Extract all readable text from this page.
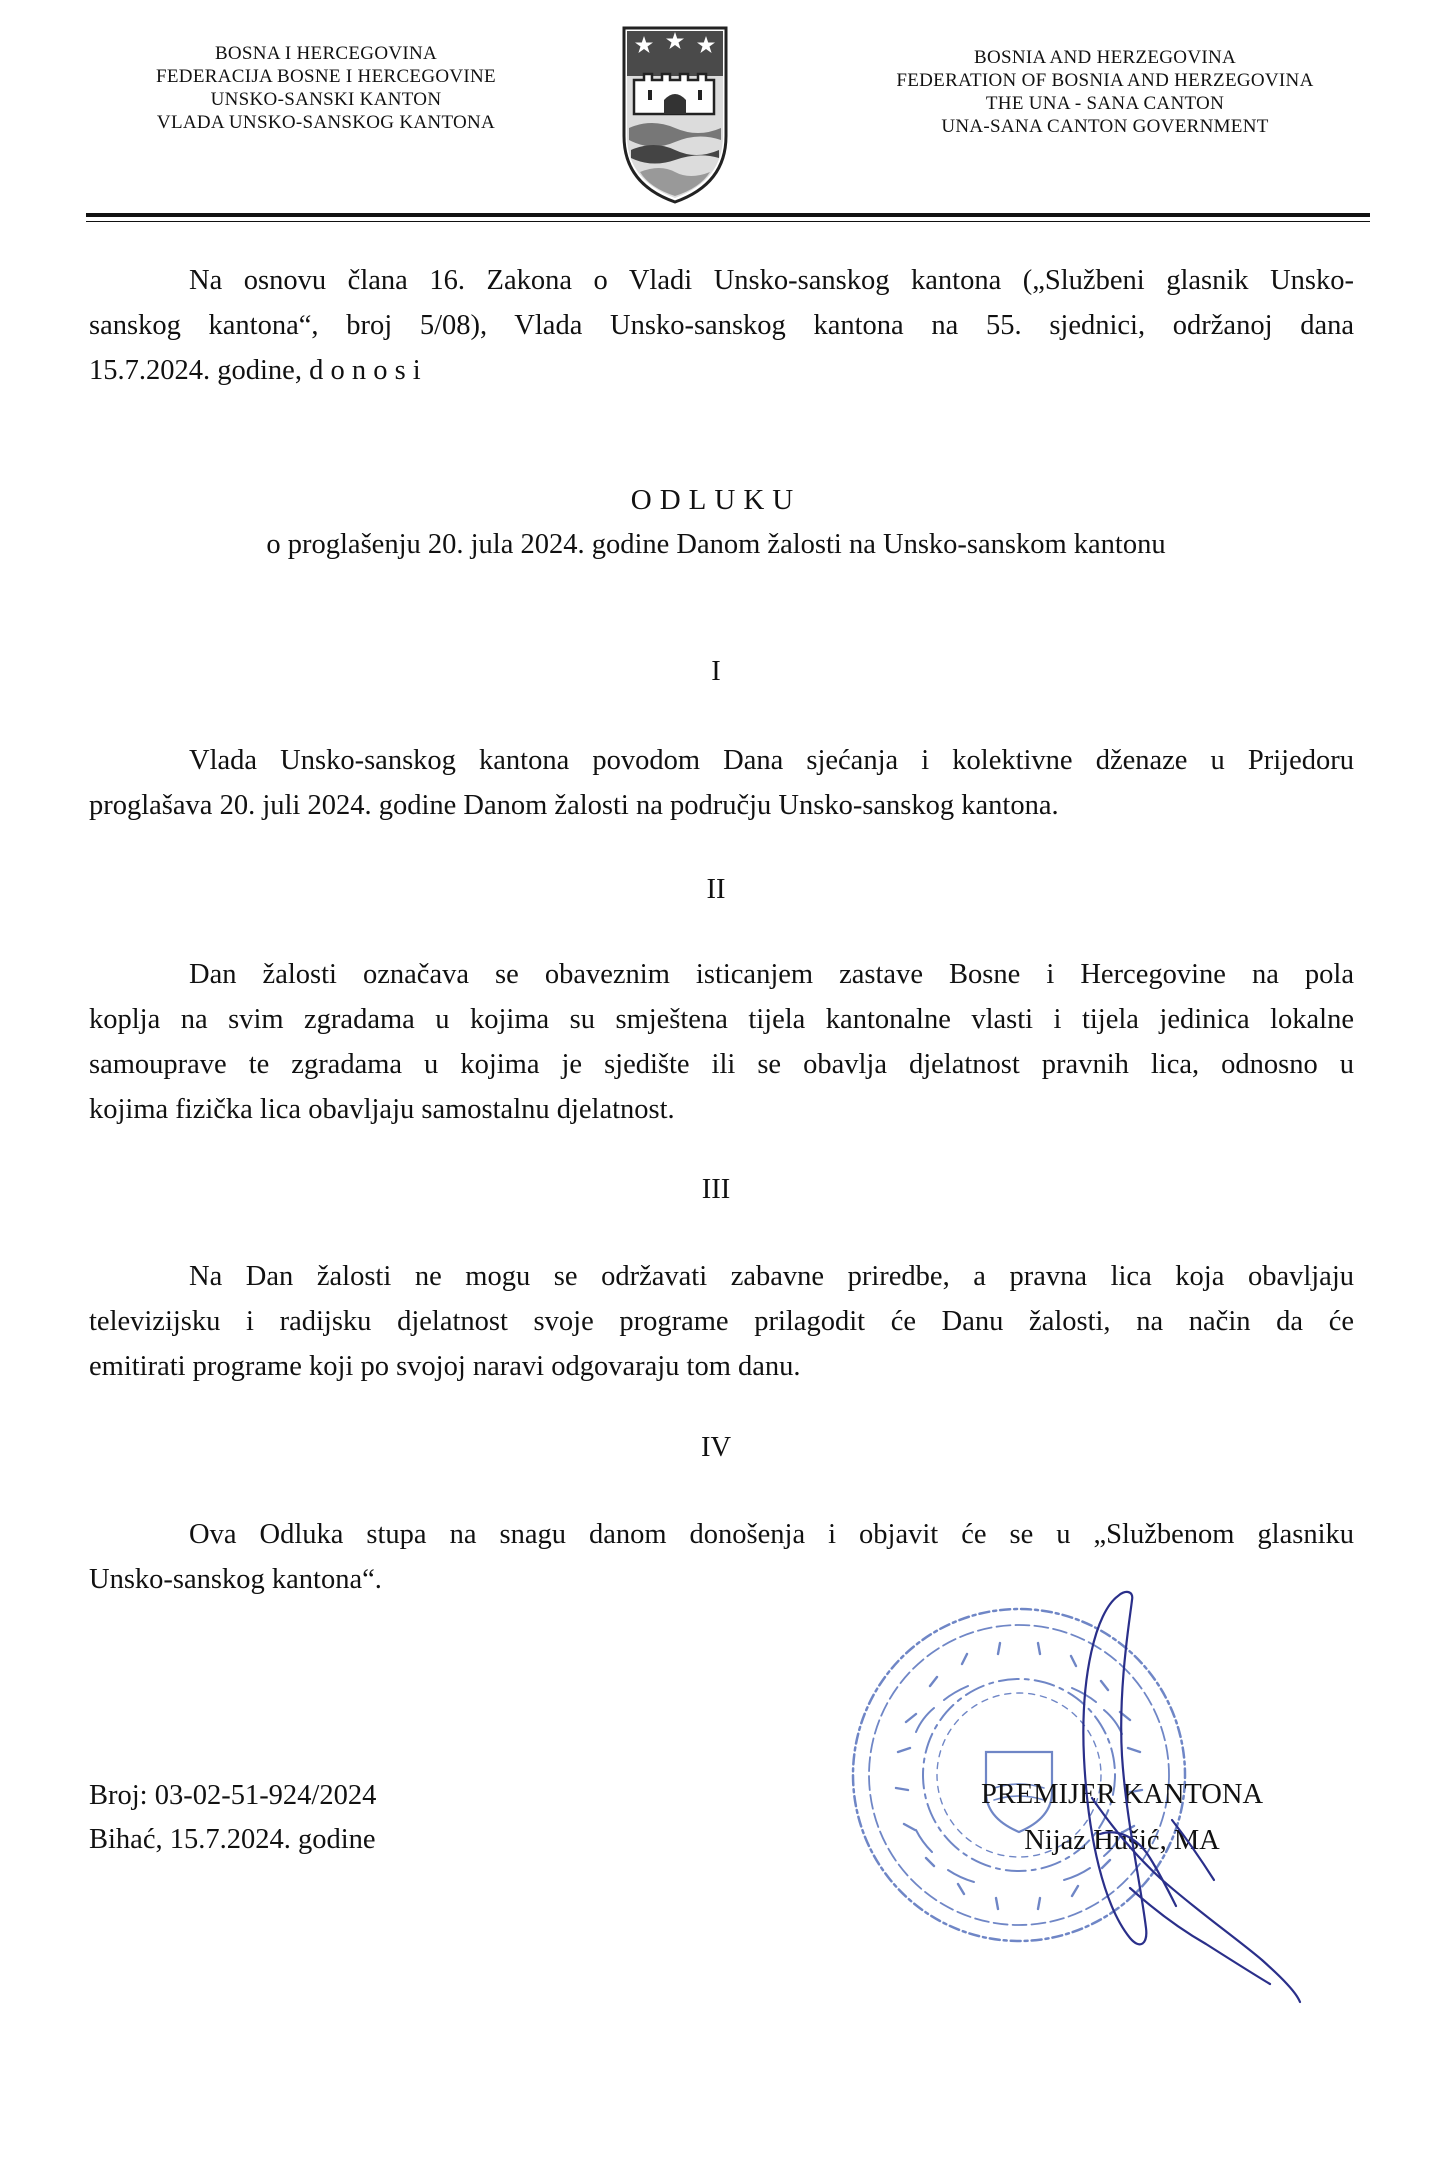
BOSNA I HERCEGOVINA
FEDERACIJA BOSNE I HERCEGOVINE
UNSKO-SANSKI KANTON
VLADA UNSKO-SANSKOG KANTONA
BOSNIA AND HERZEGOVINA
FEDERATION OF BOSNIA AND HERZEGOVINA
THE UNA - SANA CANTON
UNA-SANA CANTON GOVERNMENT
Na osnovu člana 16. Zakona o Vladi Unsko-sanskog kantona („Službeni glasnik Unsko-
sanskog kantona“, broj 5/08), Vlada Unsko-sanskog kantona na 55. sjednici, održanoj dana
15.7.2024. godine, d o n o s i
ODLUKU
o proglašenju 20. jula 2024. godine Danom žalosti na Unsko-sanskom kantonu
I
Vlada Unsko-sanskog kantona povodom Dana sjećanja i kolektivne dženaze u Prijedoru
proglašava 20. juli 2024. godine Danom žalosti na području Unsko-sanskog kantona.
II
Dan žalosti označava se obaveznim isticanjem zastave Bosne i Hercegovine na pola
koplja na svim zgradama u kojima su smještena tijela kantonalne vlasti i tijela jedinica lokalne
samouprave te zgradama u kojima je sjedište ili se obavlja djelatnost pravnih lica, odnosno u
kojima fizička lica obavljaju samostalnu djelatnost.
III
Na Dan žalosti ne mogu se održavati zabavne priredbe, a pravna lica koja obavljaju
televizijsku i radijsku djelatnost svoje programe prilagodit će Danu žalosti, na način da će
emitirati programe koji po svojoj naravi odgovaraju tom danu.
IV
Ova Odluka stupa na snagu danom donošenja i objavit će se u „Službenom glasniku
Unsko-sanskog kantona“.
Broj: 03-02-51-924/2024
Bihać, 15.7.2024. godine
PREMIJER KANTONA
Nijaz Hušić, MA
